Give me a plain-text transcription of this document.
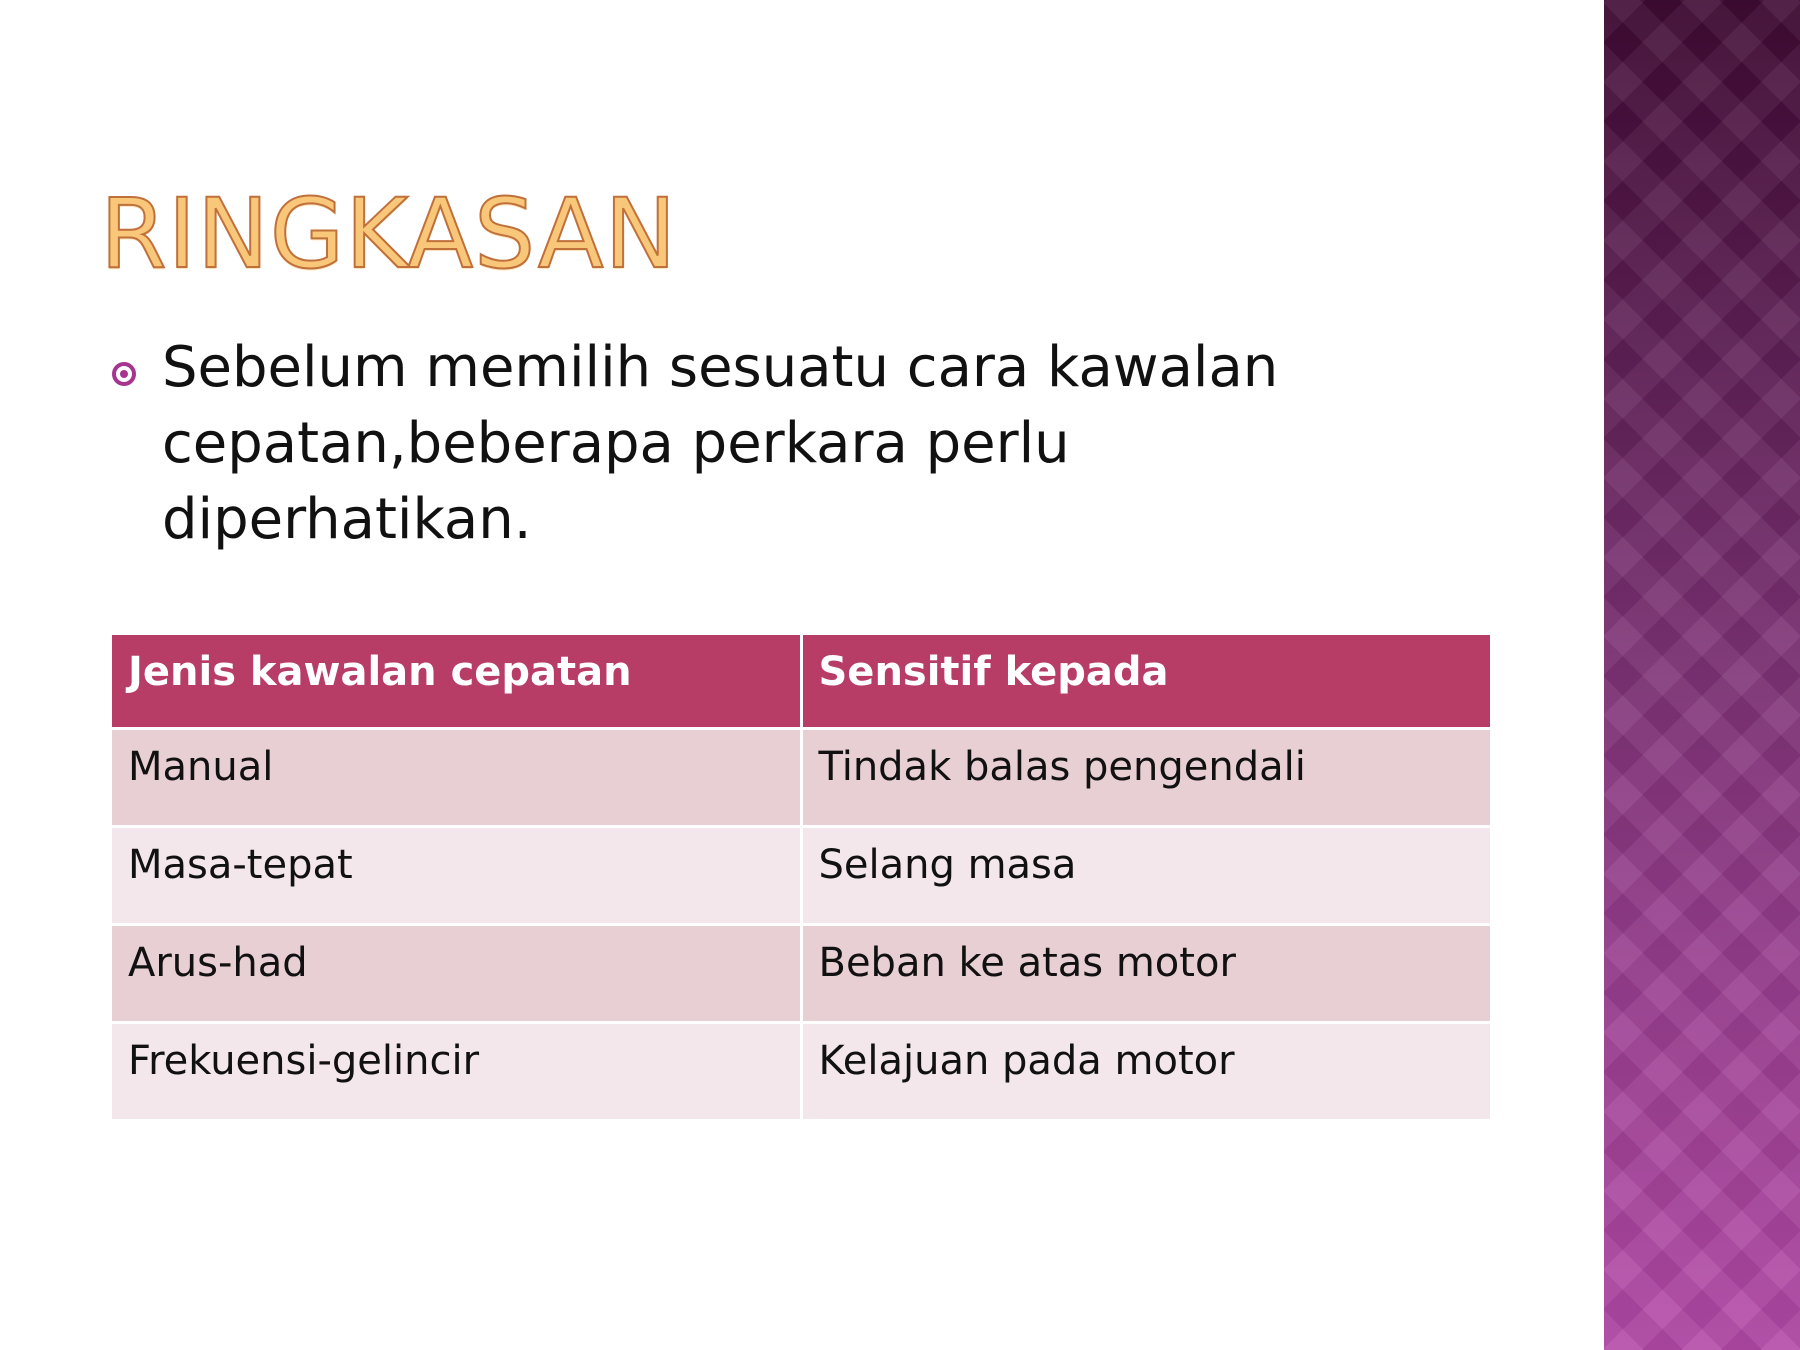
RINGKASAN
Sebelum memilih sesuatu cara kawalan cepatan,beberapa perkara perlu diperhatikan.
Jenis kawalan cepatan	Sensitif kepada
Manual	Tindak balas pengendali
Masa-tepat	Selang masa
Arus-had	Beban ke atas motor
Frekuensi-gelincir	Kelajuan pada motor
